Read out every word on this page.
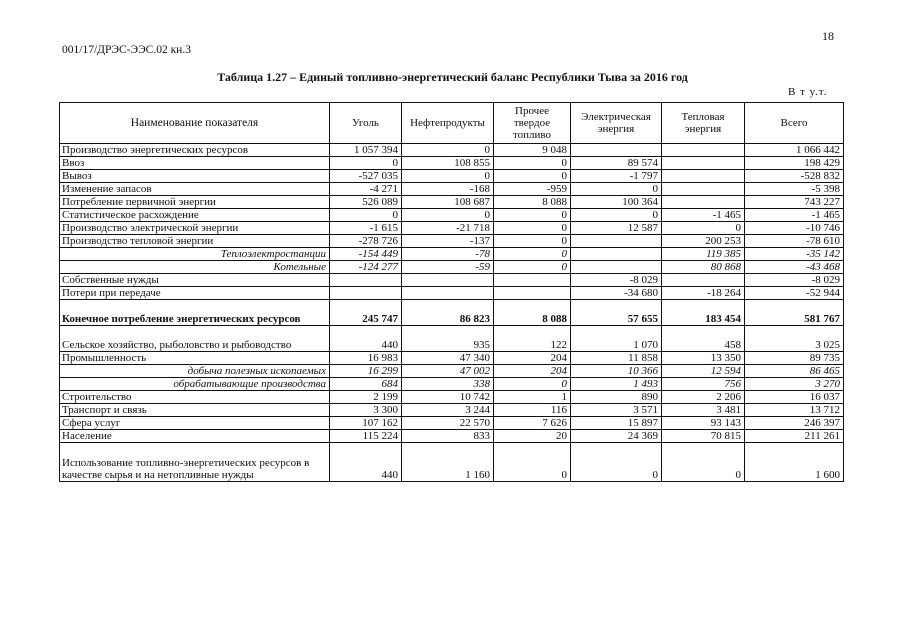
18
001/17/ДРЭС-ЭЭС.02 кн.3
Таблица 1.27 – Единый топливно-энергетический баланс Республики Тыва за 2016 год
В т у.т.
Наименование показателя	Уголь	Нефтепродукты	Прочее твердое топливо	Электрическая энергия	Тепловая энергия	Всего
Производство энергетических ресурсов	1 057 394	0	9 048			1 066 442
Ввоз	0	108 855	0	89 574		198 429
Вывоз	-527 035	0	0	-1 797		-528 832
Изменение запасов	-4 271	-168	-959	0		-5 398
Потребление первичной энергии	526 089	108 687	8 088	100 364		743 227
Статистическое расхождение	0	0	0	0	-1 465	-1 465
Производство электрической энергии	-1 615	-21 718	0	12 587	0	-10 746
Производство тепловой энергии	-278 726	-137	0		200 253	-78 610
Теплоэлектростанции	-154 449	-78	0		119 385	-35 142
Котельные	-124 277	-59	0		80 868	-43 468
Собственные нужды				-8 029		-8 029
Потери при передаче				-34 680	-18 264	-52 944
Конечное потребление энергетических ресурсов	245 747	86 823	8 088	57 655	183 454	581 767
Сельское хозяйство, рыболовство и рыбоводство	440	935	122	1 070	458	3 025
Промышленность	16 983	47 340	204	11 858	13 350	89 735
добыча полезных ископаемых	16 299	47 002	204	10 366	12 594	86 465
обрабатывающие производства	684	338	0	1 493	756	3 270
Строительство	2 199	10 742	1	890	2 206	16 037
Транспорт и связь	3 300	3 244	116	3 571	3 481	13 712
Сфера услуг	107 162	22 570	7 626	15 897	93 143	246 397
Население	115 224	833	20	24 369	70 815	211 261
Использование топливно-энергетических ресурсов в качестве сырья и на нетопливные нужды	440	1 160	0	0	0	1 600
